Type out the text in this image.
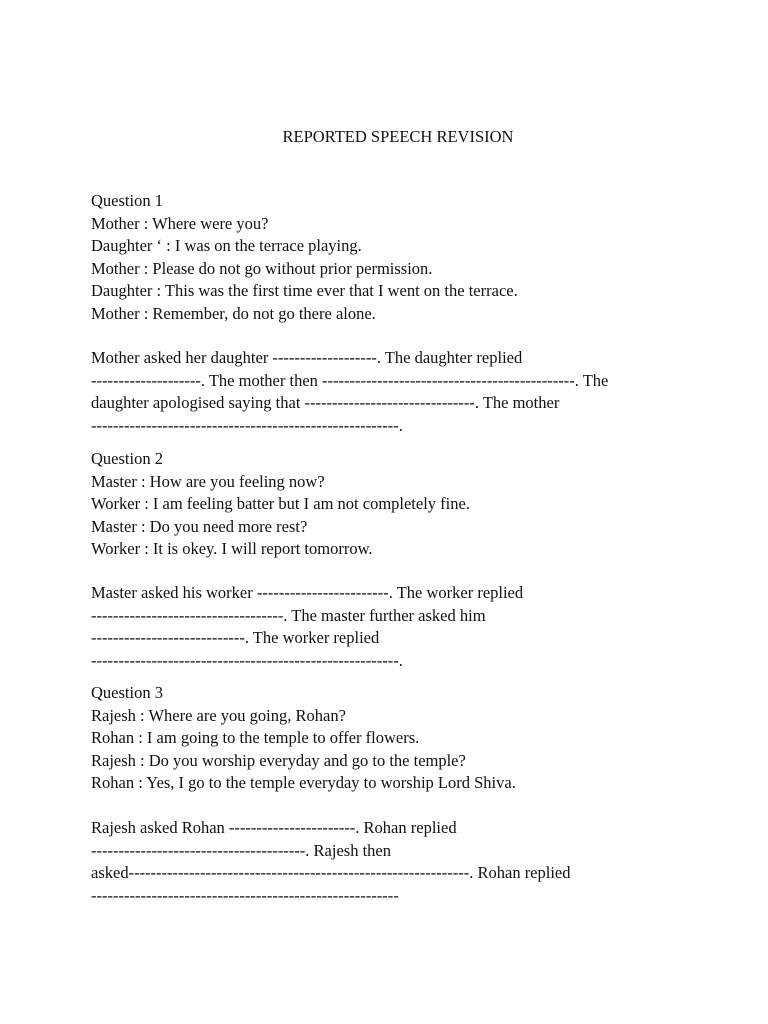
REPORTED SPEECH REVISION
Question 1
Mother : Where were you?
Daughter ‘ : I was on the terrace playing.
Mother : Please do not go without prior permission.
Daughter : This was the first time ever that I went on the terrace.
Mother : Remember, do not go there alone.
Mother asked her daughter -------------------. The daughter replied
--------------------. The mother then ----------------------------------------------. The
daughter apologised saying that -------------------------------. The mother
--------------------------------------------------------.
Question 2
Master : How are you feeling now?
Worker : I am feeling batter but I am not completely fine.
Master : Do you need more rest?
Worker : It is okey. I will report tomorrow.
Master asked his worker ------------------------. The worker replied
-----------------------------------. The master further asked him
----------------------------. The worker replied
--------------------------------------------------------.
Question 3
Rajesh : Where are you going, Rohan?
Rohan : I am going to the temple to offer flowers.
Rajesh : Do you worship everyday and go to the temple?
Rohan : Yes, I go to the temple everyday to worship Lord Shiva.
Rajesh asked Rohan -----------------------. Rohan replied
---------------------------------------. Rajesh then
asked--------------------------------------------------------------. Rohan replied
--------------------------------------------------------
